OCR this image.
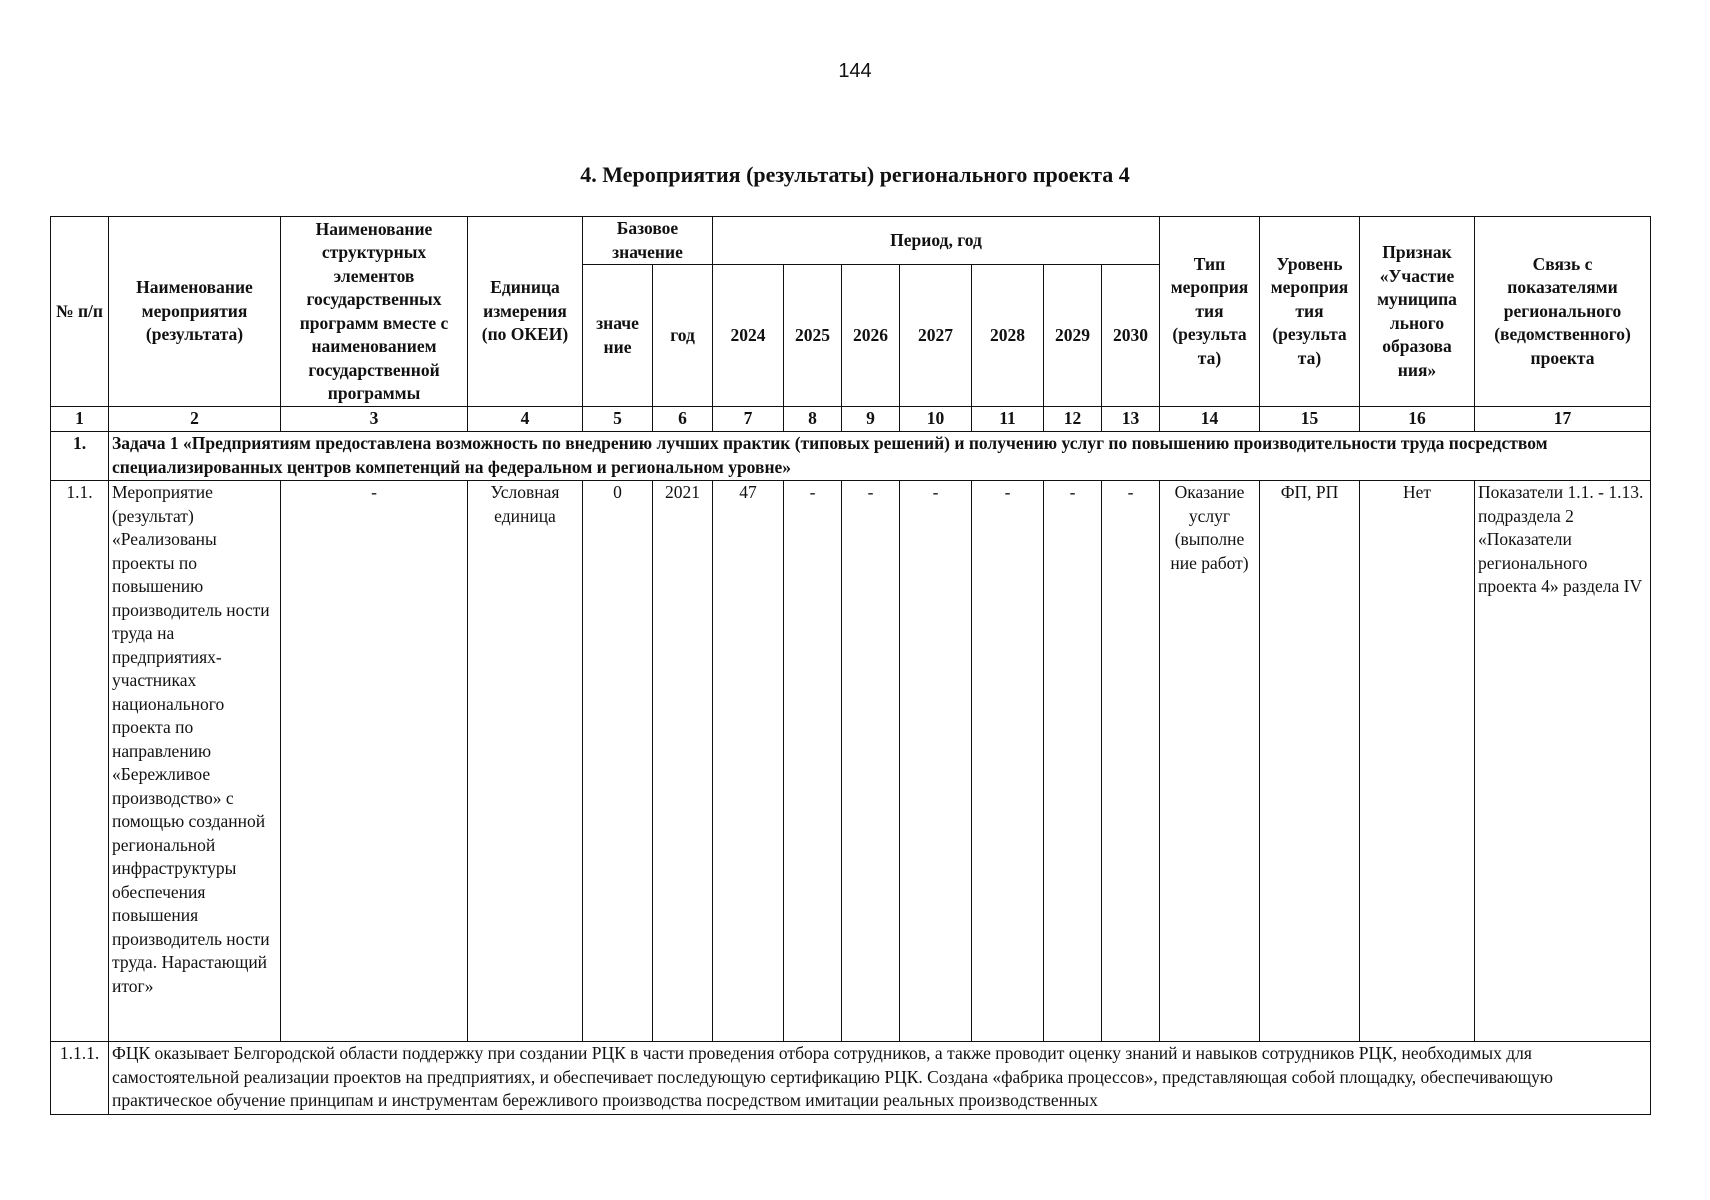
144
4. Мероприятия (результаты) регионального проекта 4
№ п/п	Наименование мероприятия (результата)	Наименование структурных элементов государственных программ вместе с наименованием государственной программы	Единица измерения (по ОКЕИ)	Базовое значение		Период, год							Тип мероприя тия (результа та)	Уровень мероприя тия (результа та)	Признак «Участие муниципа льного образова ния»	Связь с показателями регионального (ведомственного) проекта
				значе ние	год	2024	2025	2026	2027	2028	2029	2030				
1	2	3	4	5	6	7	8	9	10	11	12	13	14	15	16	17
1.	Задача 1 «Предприятиям предоставлена возможность по внедрению лучших практик (типовых решений) и получению услуг по повышению производительности труда посредством специализированных центров компетенций на федеральном и региональном уровне»															
1.1.	Мероприятие (результат) «Реализованы проекты по повышению производитель ности труда на предприятиях-участниках национального проекта по направлению «Бережливое производство» с помощью созданной региональной инфраструктуры обеспечения повышения производитель ности труда. Нарастающий итог»	-	Условная единица	0	2021	47	-	-	-	-	-	-	Оказание услуг (выполне ние работ)	ФП, РП	Нет	Показатели 1.1. - 1.13. подраздела 2 «Показатели регионального проекта 4» раздела IV
1.1.1.	ФЦК оказывает Белгородской области поддержку при создании РЦК в части проведения отбора сотрудников, а также проводит оценку знаний и навыков сотрудников РЦК, необходимых для самостоятельной реализации проектов на предприятиях, и обеспечивает последующую сертификацию РЦК. Создана «фабрика процессов», представляющая собой площадку, обеспечивающую практическое обучение принципам и инструментам бережливого производства посредством имитации реальных производственных															
